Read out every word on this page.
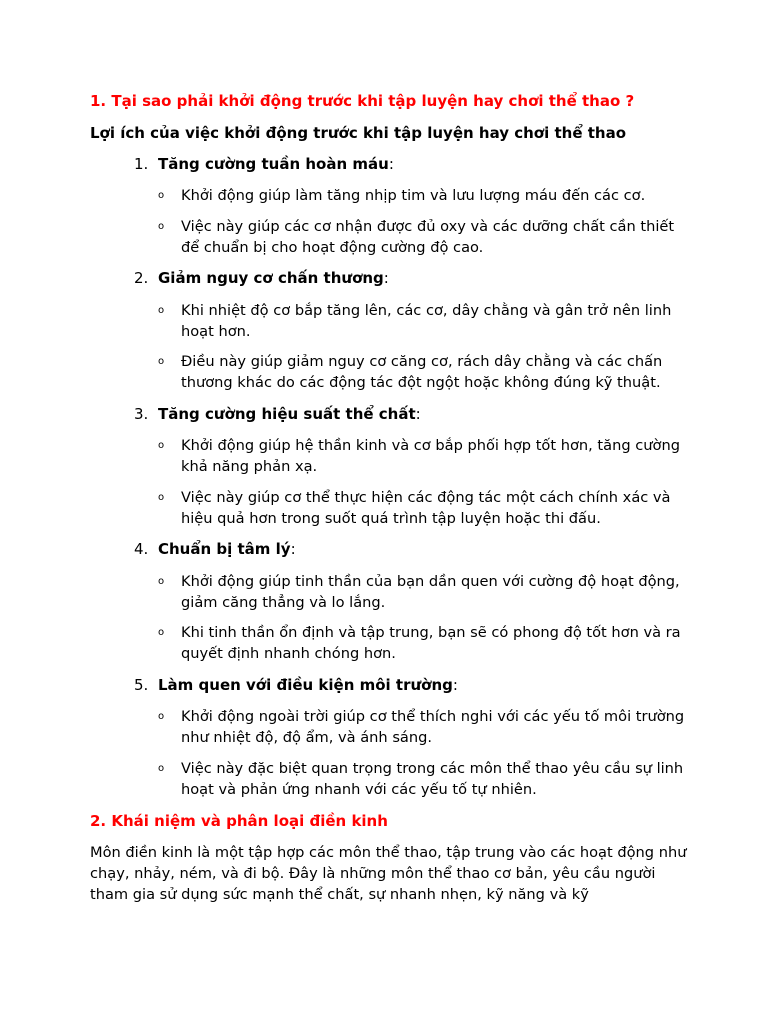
1. Tại sao phải khởi động trước khi tập luyện hay chơi thể thao ?
Lợi ích của việc khởi động trước khi tập luyện hay chơi thể thao
1. Tăng cường tuần hoàn máu:
o Khởi động giúp làm tăng nhịp tim và lưu lượng máu đến các cơ.
o Việc này giúp các cơ nhận được đủ oxy và các dưỡng chất cần thiết để chuẩn bị cho hoạt động cường độ cao.
2. Giảm nguy cơ chấn thương:
o Khi nhiệt độ cơ bắp tăng lên, các cơ, dây chằng và gân trở nên linh hoạt hơn.
o Điều này giúp giảm nguy cơ căng cơ, rách dây chằng và các chấn thương khác do các động tác đột ngột hoặc không đúng kỹ thuật.
3. Tăng cường hiệu suất thể chất:
o Khởi động giúp hệ thần kinh và cơ bắp phối hợp tốt hơn, tăng cường khả năng phản xạ.
o Việc này giúp cơ thể thực hiện các động tác một cách chính xác và hiệu quả hơn trong suốt quá trình tập luyện hoặc thi đấu.
4. Chuẩn bị tâm lý:
o Khởi động giúp tinh thần của bạn dần quen với cường độ hoạt động, giảm căng thẳng và lo lắng.
o Khi tinh thần ổn định và tập trung, bạn sẽ có phong độ tốt hơn và ra quyết định nhanh chóng hơn.
5. Làm quen với điều kiện môi trường:
o Khởi động ngoài trời giúp cơ thể thích nghi với các yếu tố môi trường như nhiệt độ, độ ẩm, và ánh sáng.
o Việc này đặc biệt quan trọng trong các môn thể thao yêu cầu sự linh hoạt và phản ứng nhanh với các yếu tố tự nhiên.
2. Khái niệm và phân loại điền kinh
Môn điền kinh là một tập hợp các môn thể thao, tập trung vào các hoạt động như chạy, nhảy, ném, và đi bộ. Đây là những môn thể thao cơ bản, yêu cầu người tham gia sử dụng sức mạnh thể chất, sự nhanh nhẹn, kỹ năng và kỹ
